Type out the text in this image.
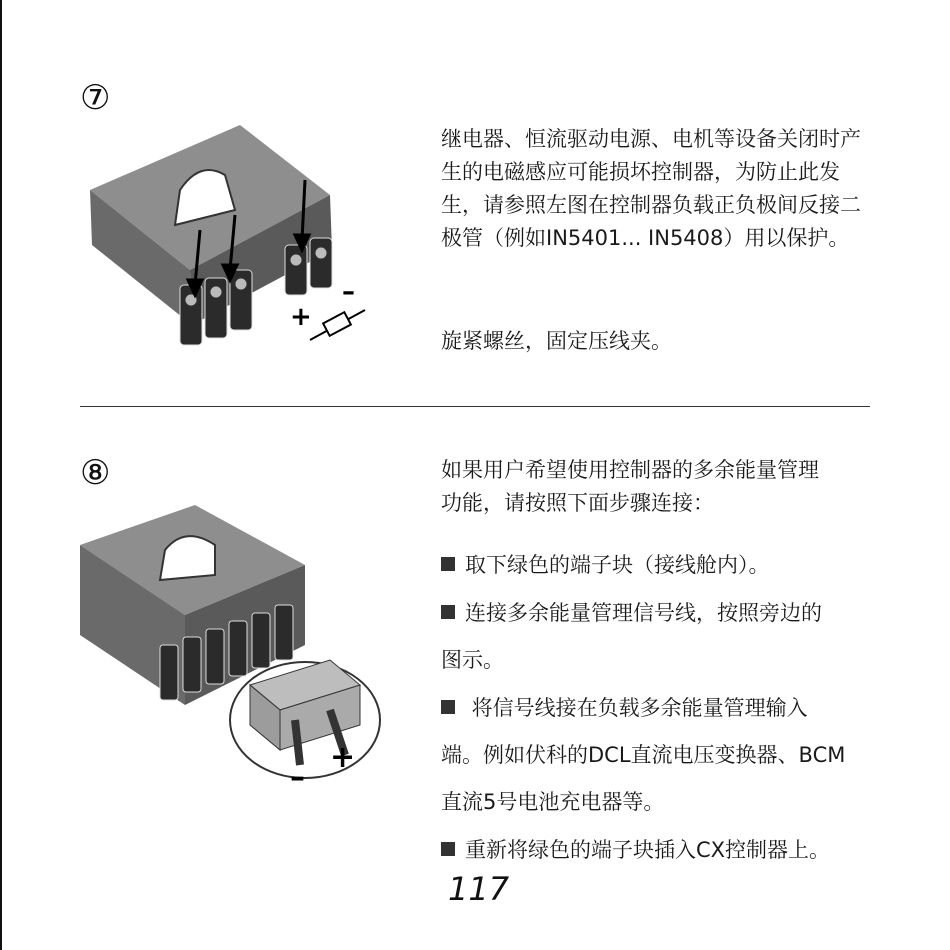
⑦
+
–

继电器、恒流驱动电源、电机等设备关闭时产生的电磁感应可能损坏控制器，为防止此发生，请参照左图在控制器负载正负极间反接二极管（例如IN5401... IN5408）用以保护。

旋紧螺丝，固定压线夹。

⑧
–
+
如果用户希望使用控制器的多余能量管理
功能，请按照下面步骤连接：
取下绿色的端子块（接线舱内）。
连接多余能量管理信号线，按照旁边的
图示。
将信号线接在负载多余能量管理输入
端。例如伏科的DCL直流电压变换器、BCM
直流5号电池充电器等。
重新将绿色的端子块插入CX控制器上。
117
